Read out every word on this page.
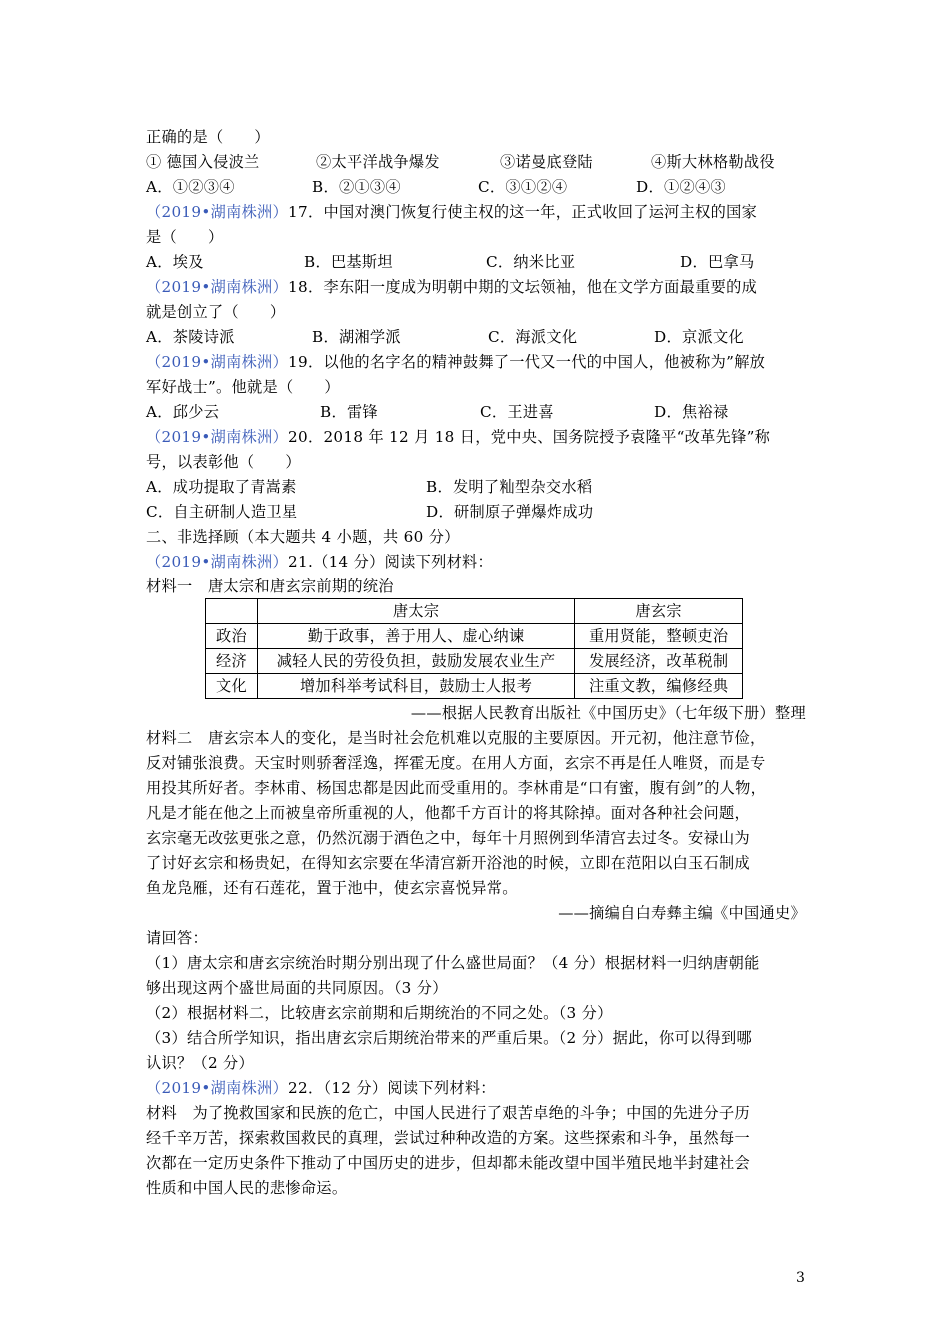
正确的是（　　）
① 德国入侵波兰	②太平洋战争爆发	③诺曼底登陆	④斯大林格勒战役
A．①②③④	B．②①③④	C．③①②④	D．①②④③
（2019•湖南株洲）17．中国对澳门恢复行使主权的这一年，正式收回了运河主权的国家
是（　　）
A．埃及	B．巴基斯坦	C．纳米比亚	D．巴拿马
（2019•湖南株洲）18．李东阳一度成为明朝中期的文坛领袖，他在文学方面最重要的成
就是创立了（　　）
A．茶陵诗派	B．湖湘学派	C．海派文化	D．京派文化
（2019•湖南株洲）19．以他的名字名的精神鼓舞了一代又一代的中国人，他被称为”解放
军好战士”。他就是（　　）
A．邱少云	B．雷锋	C．王进喜	D．焦裕禄
（2019•湖南株洲）20．2018 年 12 月 18 日，党中央、国务院授予袁隆平“改革先锋”称
号，以表彰他（　　）
A．成功提取了青嵩素	B．发明了籼型杂交水稻
C．自主研制人造卫星	D．研制原子弹爆炸成功
二、非选择顾（本大题共 4 小题，共 60 分）
（2019•湖南株洲）21.（14 分）阅读下列材料：
材料一　唐太宗和唐玄宗前期的统治
	唐太宗	唐玄宗
政治	勤于政事，善于用人、虚心纳谏	重用贤能，整顿吏治
经济	减轻人民的劳役负担，鼓励发展农业生产	发展经济，改革税制
文化	增加科举考试科目，鼓励士人报考	注重文教，编修经典
——根据人民教育出版社《中国历史》（七年级下册）整理
材料二　唐玄宗本人的变化，是当时社会危机难以克服的主要原因。开元初，他注意节俭，
反对铺张浪费。天宝时则骄奢淫逸，挥霍无度。在用人方面，玄宗不再是任人唯贤，而是专
用投其所好者。李林甫、杨国忠都是因此而受重用的。李林甫是“口有蜜，腹有剑”的人物，
凡是才能在他之上而被皇帝所重视的人，他都千方百计的将其除掉。面对各种社会问题，
玄宗毫无改弦更张之意，仍然沉溺于酒色之中，每年十月照例到华清宫去过冬。安禄山为
了讨好玄宗和杨贵妃，在得知玄宗要在华清宫新开浴池的时候，立即在范阳以白玉石制成
鱼龙凫雁，还有石莲花，置于池中，使玄宗喜悦异常。
——摘编自白寿彝主编《中国通史》
请回答：
（1）唐太宗和唐玄宗统治时期分别出现了什么盛世局面？（4 分）根据材料一归纳唐朝能
够出现这两个盛世局面的共同原因。（3 分）
（2）根据材料二，比较唐玄宗前期和后期统治的不同之处。（3 分）
（3）结合所学知识，指出唐玄宗后期统治带来的严重后果。（2 分）据此，你可以得到哪
认识？（2 分）
（2019•湖南株洲）22．（12 分）阅读下列材料：
材料　为了挽救国家和民族的危亡，中国人民进行了艰苦卓绝的斗争；中国的先进分子历
经千辛万苦，探索救国救民的真理，尝试过种种改造的方案。这些探索和斗争，虽然每一
次都在一定历史条件下推动了中国历史的进步，但却都未能改望中国半殖民地半封建社会
性质和中国人民的悲惨命运。
3
